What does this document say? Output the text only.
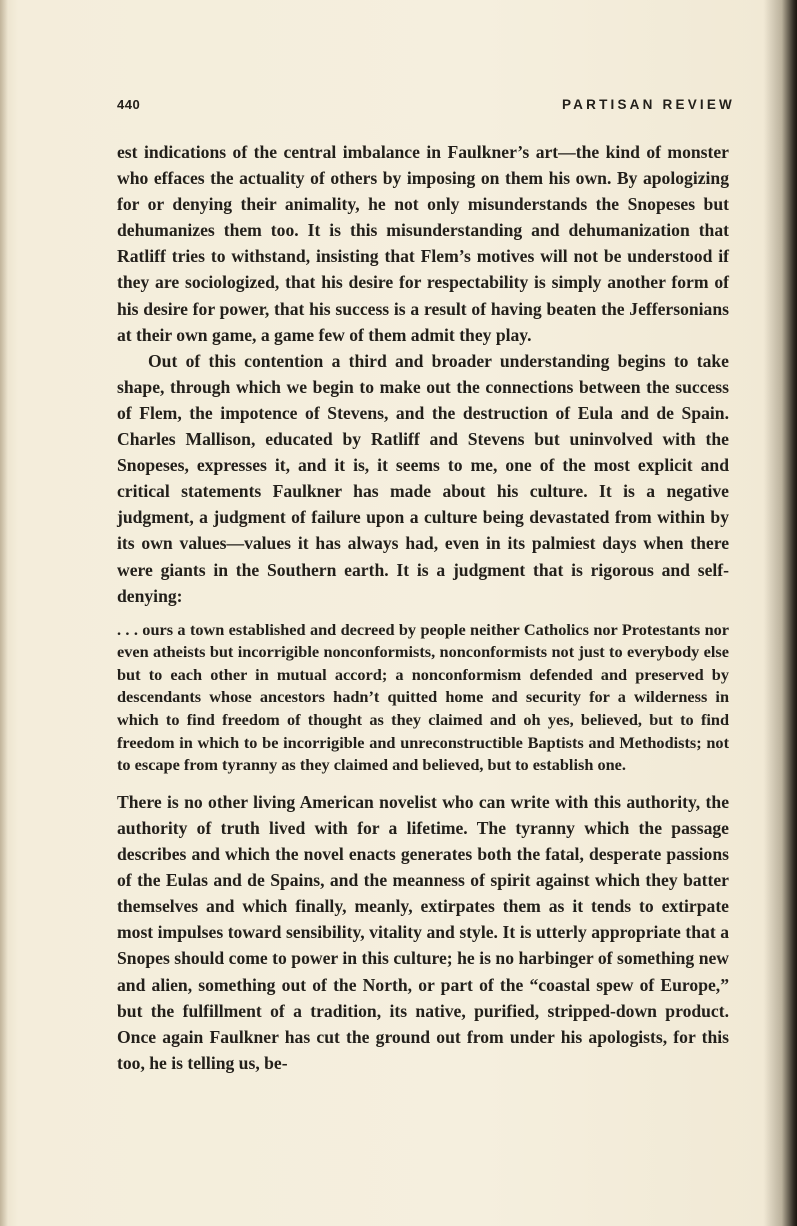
440	PARTISAN REVIEW

est indications of the central imbalance in Faulkner’s art—the kind of monster who effaces the actuality of others by imposing on them his own. By apologizing for or denying their animality, he not only misunderstands the Snopeses but dehumanizes them too. It is this misunderstanding and dehumanization that Ratliff tries to withstand, insisting that Flem’s motives will not be understood if they are sociologized, that his desire for respectability is simply another form of his desire for power, that his success is a result of having beaten the Jeffersonians at their own game, a game few of them admit they play.

Out of this contention a third and broader understanding begins to take shape, through which we begin to make out the connections between the success of Flem, the impotence of Stevens, and the destruction of Eula and de Spain. Charles Mallison, educated by Ratliff and Stevens but uninvolved with the Snopeses, expresses it, and it is, it seems to me, one of the most explicit and critical statements Faulkner has made about his culture. It is a negative judgment, a judgment of failure upon a culture being devastated from within by its own values—values it has always had, even in its palmiest days when there were giants in the Southern earth. It is a judgment that is rigorous and self-denying:

. . . ours a town established and decreed by people neither Catholics nor Protestants nor even atheists but incorrigible nonconformists, nonconformists not just to everybody else but to each other in mutual accord; a nonconformism defended and preserved by descendants whose ancestors hadn’t quitted home and security for a wilderness in which to find freedom of thought as they claimed and oh yes, believed, but to find freedom in which to be incorrigible and unreconstructible Baptists and Methodists; not to escape from tyranny as they claimed and believed, but to establish one.

There is no other living American novelist who can write with this authority, the authority of truth lived with for a lifetime. The tyranny which the passage describes and which the novel enacts generates both the fatal, desperate passions of the Eulas and de Spains, and the meanness of spirit against which they batter themselves and which finally, meanly, extirpates them as it tends to extirpate most impulses toward sensibility, vitality and style. It is utterly appropriate that a Snopes should come to power in this culture; he is no harbinger of something new and alien, something out of the North, or part of the “coastal spew of Europe,” but the fulfillment of a tradition, its native, purified, stripped-down product. Once again Faulkner has cut the ground out from under his apologists, for this too, he is telling us, be-
